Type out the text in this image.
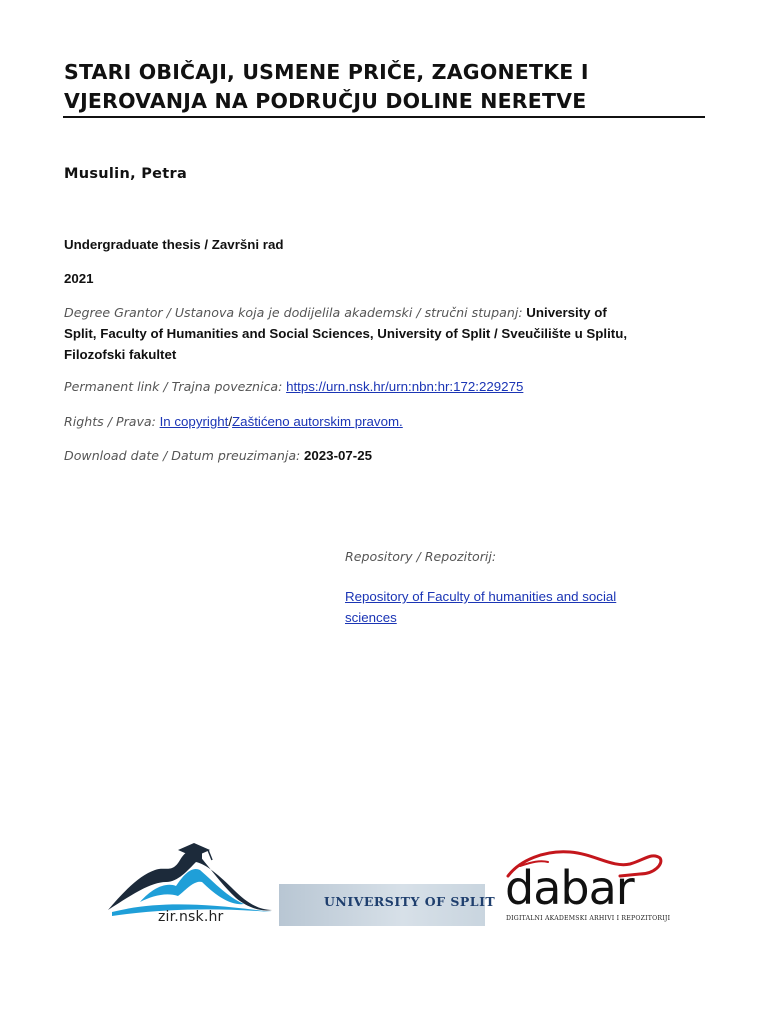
STARI OBIČAJI, USMENE PRIČE, ZAGONETKE I
VJEROVANJA NA PODRUČJU DOLINE NERETVE
Musulin, Petra
Undergraduate thesis / Završni rad
2021
Degree Grantor / Ustanova koja je dodijelila akademski / stručni stupanj: University of
Split, Faculty of Humanities and Social Sciences, University of Split / Sveučilište u Splitu,
Filozofski fakultet
Permanent link / Trajna poveznica: https://urn.nsk.hr/urn:nbn:hr:172:229275
Rights / Prava: In copyright/Zaštićeno autorskim pravom.
Download date / Datum preuzimanja: 2023-07-25
Repository / Repozitorij:
Repository of Faculty of humanities and social
sciences
zir.nsk.hr
UNIVERSITY OF SPLIT dabar
DIGITALNI AKADEMSKI ARHIVI I REPOZITORIJI
